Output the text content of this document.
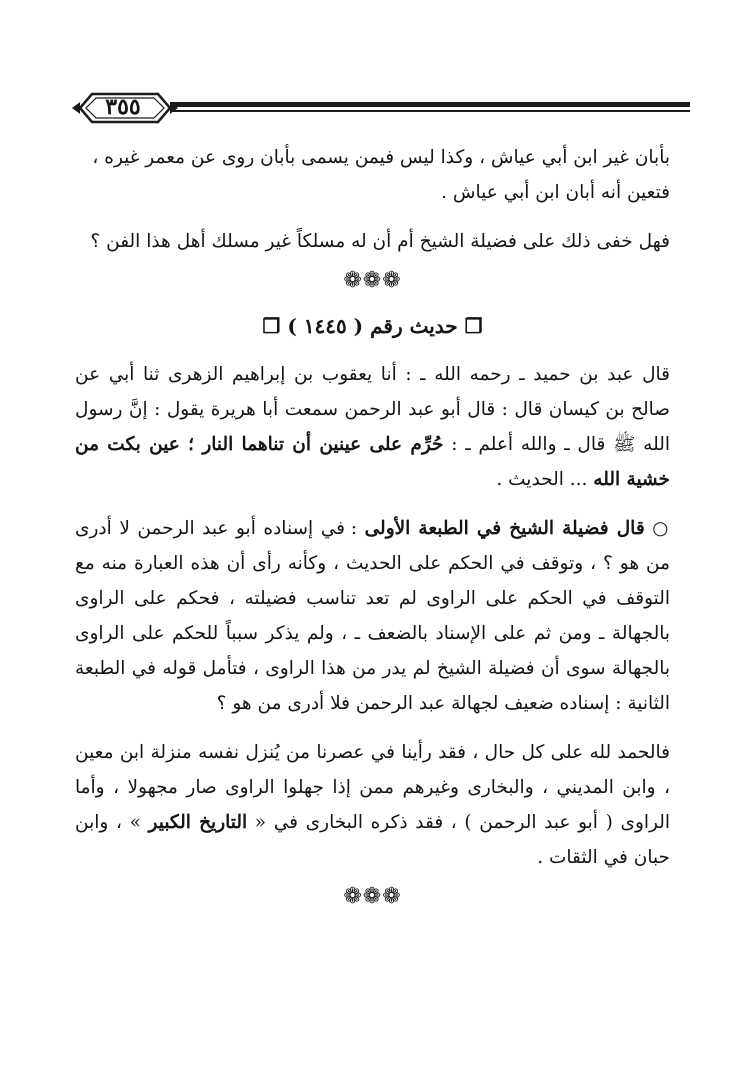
٣٥٥

بأبان غير ابن أبي عياش ، وكذا ليس فيمن يسمى بأبان روى عن معمر غيره ،

فتعين أنه أبان ابن أبي عياش .

فهل خفى ذلك على فضيلة الشيخ أم أن له مسلكاً غير مسلك أهل هذا الفن ؟

❁❁❁
❐ حديث رقم ( ١٤٤٥ ) ❐

قال عبد بن حميد ـ رحمه الله ـ : أنا يعقوب بن إبراهيم الزهرى ثنا أبي عن صالح بن كيسان قال : قال أبو عبد الرحمن سمعت أبا هريرة يقول : إنَّ رسول الله ﷺ قال ـ والله أعلم ـ : حُرِّم على عينين أن تناهما النار ؛ عين بكت من خشية الله ... الحديث .

○ قال فضيلة الشيخ في الطبعة الأولى : في إسناده أبو عبد الرحمن لا أدرى من هو ؟ ، وتوقف في الحكم على الحديث ، وكأنه رأى أن هذه العبارة منه مع التوقف في الحكم على الراوى لم تعد تناسب فضيلته ، فحكم على الراوى بالجهالة ـ ومن ثم على الإسناد بالضعف ـ ، ولم يذكر سبباً للحكم على الراوى بالجهالة سوى أن فضيلة الشيخ لم يدر من هذا الراوى ، فتأمل قوله في الطبعة الثانية : إسناده ضعيف لجهالة عبد الرحمن فلا أدرى من هو ؟

فالحمد لله على كل حال ، فقد رأينا في عصرنا من يُنزل نفسه منزلة ابن معين ، وابن المديني ، والبخارى وغيرهم ممن إذا جهلوا الراوى صار مجهولا ، وأما الراوى ( أبو عبد الرحمن ) ، فقد ذكره البخارى في « التاريخ الكبير » ، وابن حبان في الثقات .

❁❁❁
